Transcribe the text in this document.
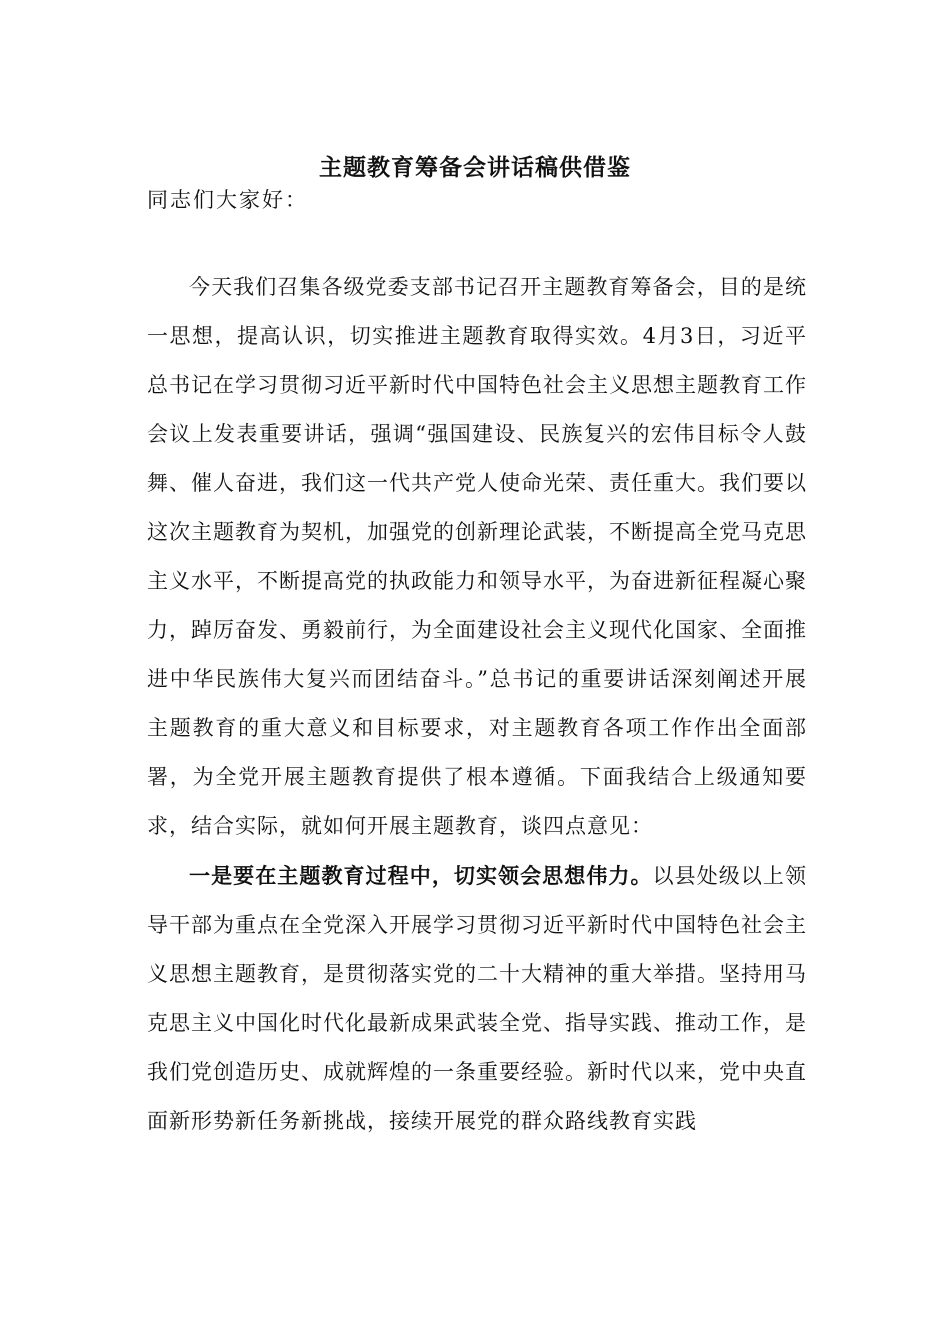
主题教育筹备会讲话稿供借鉴
同志们大家好：

今天我们召集各级党委支部书记召开主题教育筹备会，目的是统一思想，提高认识，切实推进主题教育取得实效。4月3日，习近平总书记在学习贯彻习近平新时代中国特色社会主义思想主题教育工作会议上发表重要讲话，强调“强国建设、民族复兴的宏伟目标令人鼓舞、催人奋进，我们这一代共产党人使命光荣、责任重大。我们要以这次主题教育为契机，加强党的创新理论武装，不断提高全党马克思主义水平，不断提高党的执政能力和领导水平，为奋进新征程凝心聚力，踔厉奋发、勇毅前行，为全面建设社会主义现代化国家、全面推进中华民族伟大复兴而团结奋斗。”总书记的重要讲话深刻阐述开展主题教育的重大意义和目标要求，对主题教育各项工作作出全面部署，为全党开展主题教育提供了根本遵循。下面我结合上级通知要求，结合实际，就如何开展主题教育，谈四点意见：

一是要在主题教育过程中，切实领会思想伟力。以县处级以上领导干部为重点在全党深入开展学习贯彻习近平新时代中国特色社会主义思想主题教育，是贯彻落实党的二十大精神的重大举措。坚持用马克思主义中国化时代化最新成果武装全党、指导实践、推动工作，是我们党创造历史、成就辉煌的一条重要经验。新时代以来，党中央直面新形势新任务新挑战，接续开展党的群众路线教育实践
